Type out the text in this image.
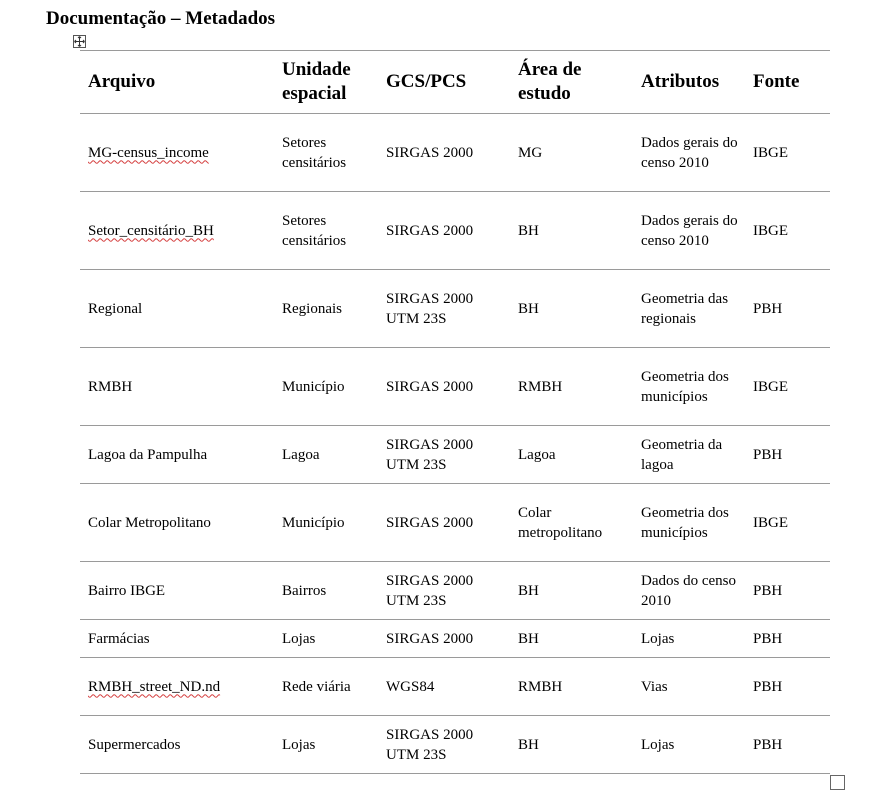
Documentação – Metadados
Arquivo	Unidade espacial	GCS/PCS	Área de estudo	Atributos	Fonte
MG-census_income	Setores censitários	SIRGAS 2000	MG	Dados gerais do censo 2010	IBGE
Setor_censitário_BH	Setores censitários	SIRGAS 2000	BH	Dados gerais do censo 2010	IBGE
Regional	Regionais	SIRGAS 2000 UTM 23S	BH	Geometria das regionais	PBH
RMBH	Município	SIRGAS 2000	RMBH	Geometria dos municípios	IBGE
Lagoa da Pampulha	Lagoa	SIRGAS 2000 UTM 23S	Lagoa	Geometria da lagoa	PBH
Colar Metropolitano	Município	SIRGAS 2000	Colar metropolitano	Geometria dos municípios	IBGE
Bairro IBGE	Bairros	SIRGAS 2000 UTM 23S	BH	Dados do censo 2010	PBH
Farmácias	Lojas	SIRGAS 2000	BH	Lojas	PBH
RMBH_street_ND.nd	Rede viária	WGS84	RMBH	Vias	PBH
Supermercados	Lojas	SIRGAS 2000 UTM 23S	BH	Lojas	PBH
